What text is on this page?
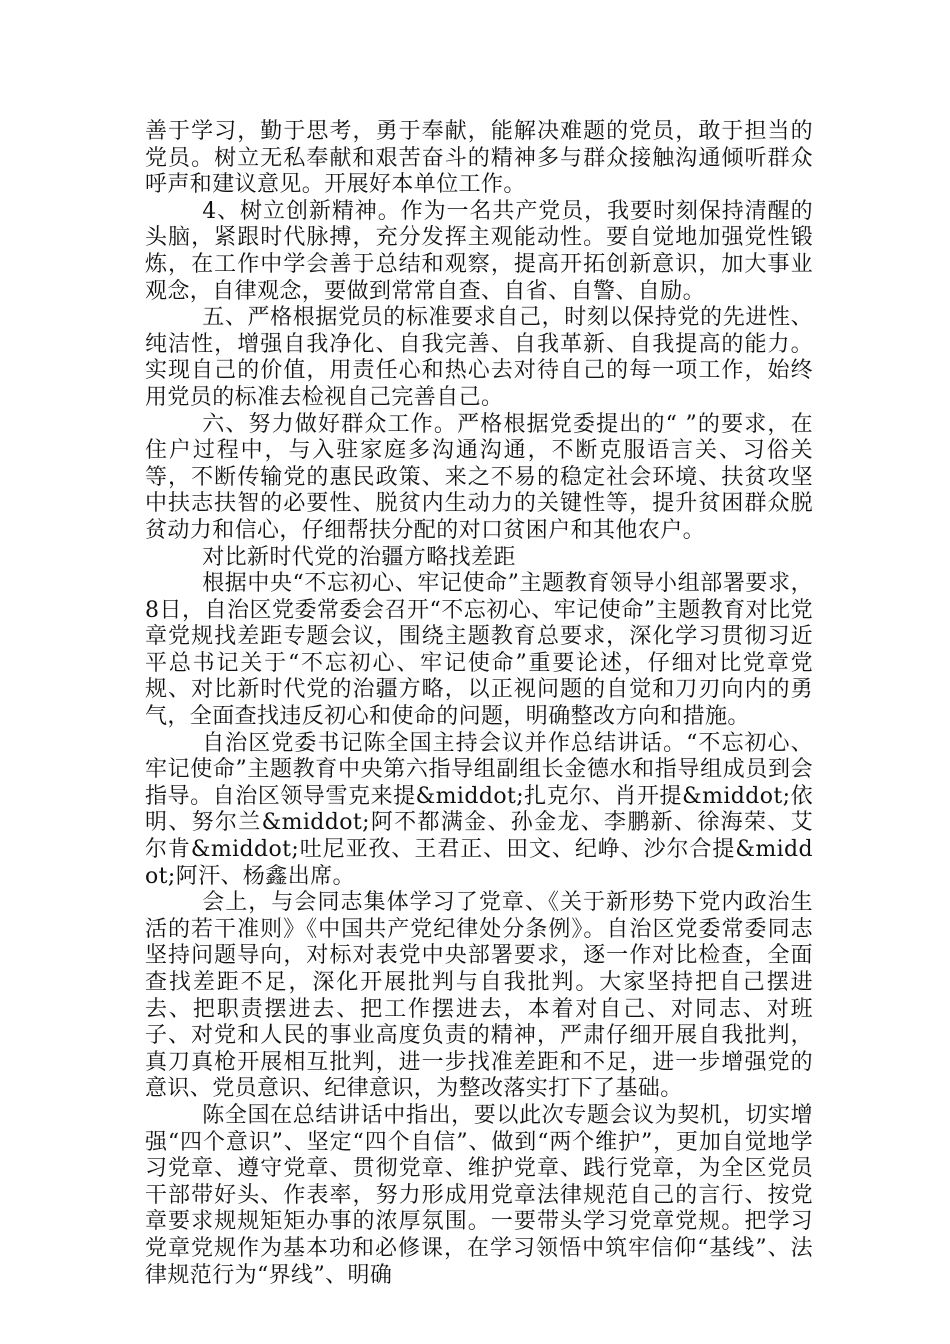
善于学习，勤于思考，勇于奉献，能解决难题的党员，敢于担当的党员。树立无私奉献和艰苦奋斗的精神多与群众接触沟通倾听群众呼声和建议意见。开展好本单位工作。

4、树立创新精神。作为一名共产党员，我要时刻保持清醒的头脑，紧跟时代脉搏，充分发挥主观能动性。要自觉地加强党性锻炼，在工作中学会善于总结和观察，提高开拓创新意识，加大事业观念，自律观念，要做到常常自查、自省、自警、自励。

五、严格根据党员的标准要求自己，时刻以保持党的先进性、纯洁性，增强自我净化、自我完善、自我革新、自我提高的能力。实现自己的价值，用责任心和热心去对待自己的每一项工作，始终用党员的标准去检视自己完善自己。

六、努力做好群众工作。严格根据党委提出的“ ”的要求，在住户过程中，与入驻家庭多沟通沟通，不断克服语言关、习俗关等，不断传输党的惠民政策、来之不易的稳定社会环境、扶贫攻坚中扶志扶智的必要性、脱贫内生动力的关键性等，提升贫困群众脱贫动力和信心，仔细帮扶分配的对口贫困户和其他农户。

对比新时代党的治疆方略找差距

根据中央“不忘初心、牢记使命”主题教育领导小组部署要求，8日，自治区党委常委会召开“不忘初心、牢记使命”主题教育对比党章党规找差距专题会议，围绕主题教育总要求，深化学习贯彻习近平总书记关于“不忘初心、牢记使命”重要论述，仔细对比党章党规、对比新时代党的治疆方略，以正视问题的自觉和刀刃向内的勇气，全面查找违反初心和使命的问题，明确整改方向和措施。

自治区党委书记陈全国主持会议并作总结讲话。“不忘初心、牢记使命”主题教育中央第六指导组副组长金德水和指导组成员到会指导。自治区领导雪克来提&middot;扎克尔、肖开提&middot;依明、努尔兰&middot;阿不都满金、孙金龙、李鹏新、徐海荣、艾尔肯&middot;吐尼亚孜、王君正、田文、纪峥、沙尔合提&middot;阿汗、杨鑫出席。

会上，与会同志集体学习了党章、《关于新形势下党内政治生活的若干准则》《中国共产党纪律处分条例》。自治区党委常委同志坚持问题导向，对标对表党中央部署要求，逐一作对比检查，全面查找差距不足，深化开展批判与自我批判。大家坚持把自己摆进去、把职责摆进去、把工作摆进去，本着对自己、对同志、对班子、对党和人民的事业高度负责的精神，严肃仔细开展自我批判，真刀真枪开展相互批判，进一步找准差距和不足，进一步增强党的意识、党员意识、纪律意识，为整改落实打下了基础。

陈全国在总结讲话中指出，要以此次专题会议为契机，切实增强“四个意识”、坚定“四个自信”、做到“两个维护”，更加自觉地学习党章、遵守党章、贯彻党章、维护党章、践行党章，为全区党员干部带好头、作表率，努力形成用党章法律规范自己的言行、按党章要求规规矩矩办事的浓厚氛围。一要带头学习党章党规。把学习党章党规作为基本功和必修课，在学习领悟中筑牢信仰“基线”、法律规范行为“界线”、明确
